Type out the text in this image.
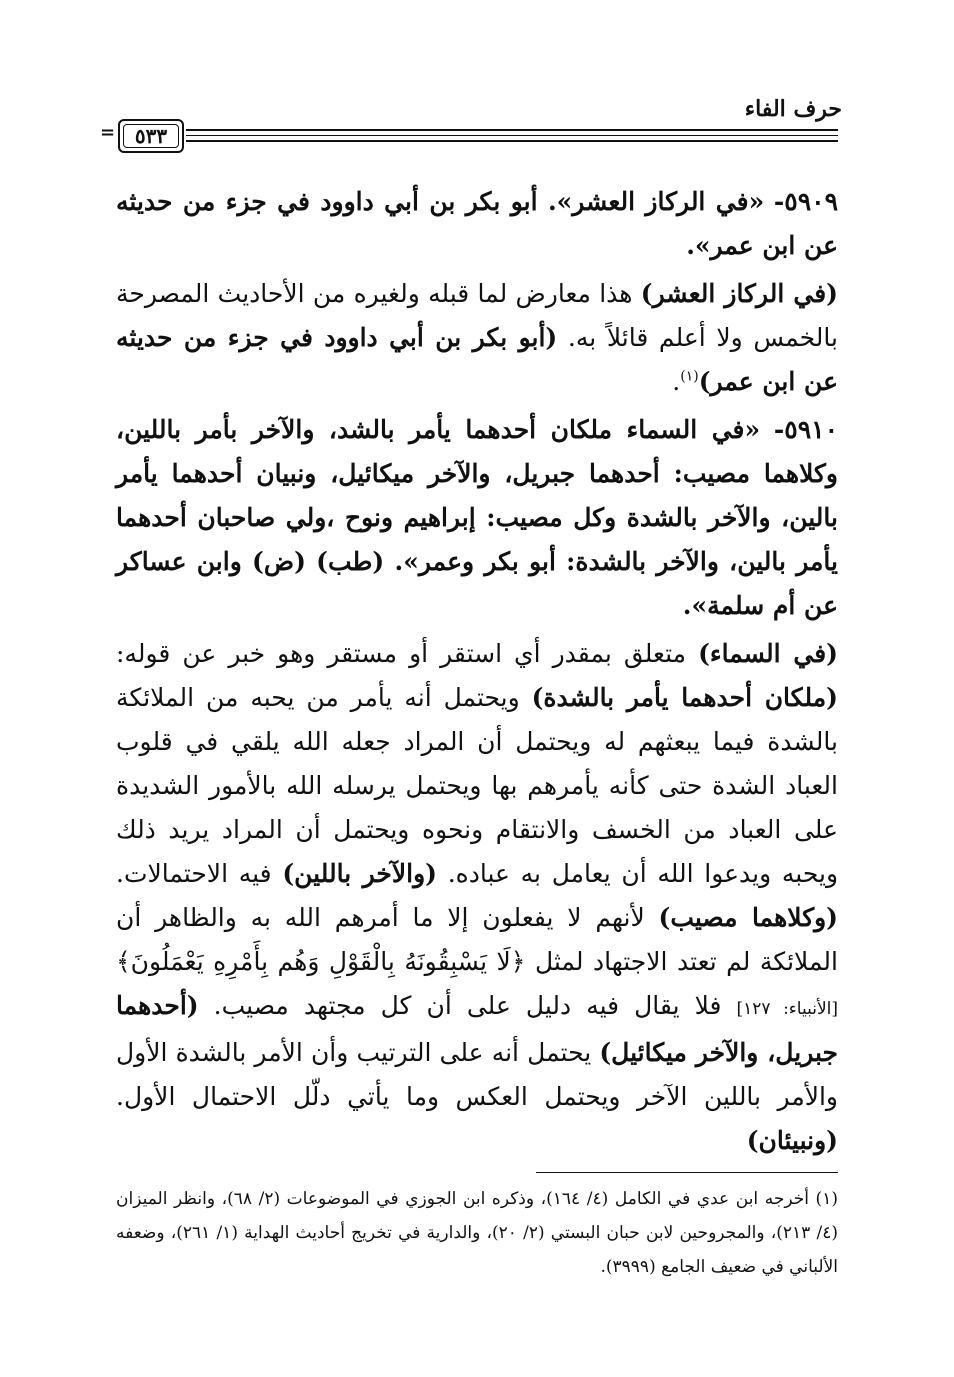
حرف الفاء
٥٣٣
=

٥٩٠٩- «في الركاز العشر». أبو بكر بن أبي داوود في جزء من حديثه عن ابن عمر».

(في الركاز العشر) هذا معارض لما قبله ولغيره من الأحاديث المصرحة بالخمس ولا أعلم قائلاً به. (أبو بكر بن أبي داوود في جزء من حديثه عن ابن عمر)$^{(١)}$.

٥٩١٠- «في السماء ملكان أحدهما يأمر بالشد، والآخر بأمر باللين، وكلاهما مصيب: أحدهما جبريل، والآخر ميكائيل، ونبيان أحدهما يأمر بالين، والآخر بالشدة وكل مصيب: إبراهيم ونوح ،ولي صاحبان أحدهما يأمر بالين، والآخر بالشدة: أبو بكر وعمر». (طب) (ض) وابن عساكر عن أم سلمة».

(في السماء) متعلق بمقدر أي استقر أو مستقر وهو خبر عن قوله: (ملكان أحدهما يأمر بالشدة) ويحتمل أنه يأمر من يحبه من الملائكة بالشدة فيما يبعثهم له ويحتمل أن المراد جعله الله يلقي في قلوب العباد الشدة حتى كأنه يأمرهم بها ويحتمل يرسله الله بالأمور الشديدة على العباد من الخسف والانتقام ونحوه ويحتمل أن المراد يريد ذلك ويحبه ويدعوا الله أن يعامل به عباده. (والآخر باللين) فيه الاحتمالات. (وكلاهما مصيب) لأنهم لا يفعلون إلا ما أمرهم الله به والظاهر أن الملائكة لم تعتد الاجتهاد لمثل ﴿لَا يَسْبِقُونَهُ بِالْقَوْلِ وَهُم بِأَمْرِهِ يَعْمَلُونَ﴾ [الأنبياء: ١٢٧] فلا يقال فيه دليل على أن كل مجتهد مصيب. (أحدهما جبريل، والآخر ميكائيل) يحتمل أنه على الترتيب وأن الأمر بالشدة الأول والأمر باللين الآخر ويحتمل العكس وما يأتي دلّل الاحتمال الأول. (ونبيئان)

(١) أخرجه ابن عدي في الكامل (٤/ ١٦٤)، وذكره ابن الجوزي في الموضوعات (٢/ ٦٨)، وانظر الميزان (٤/ ٢١٣)، والمجروحين لابن حبان البستي (٢/ ٢٠)، والدارية في تخريج أحاديث الهداية (١/ ٢٦١)، وضعفه الألباني في ضعيف الجامع (٣٩٩٩).
